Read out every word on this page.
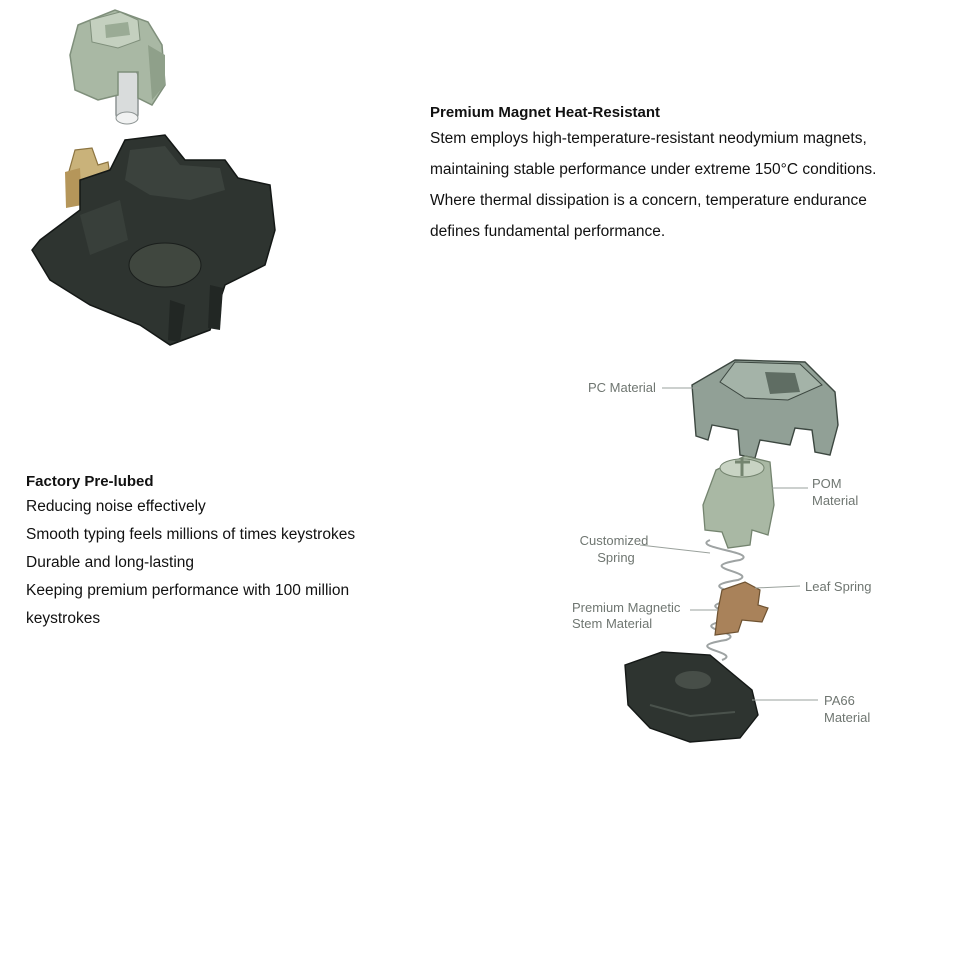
Premium Magnet Heat-Resistant

Stem employs high-temperature-resistant neodymium magnets,

maintaining stable performance under extreme 150°C conditions.

Where thermal dissipation is a concern, temperature endurance

defines fundamental performance.

Factory Pre-lubed

Reducing noise effectively

Smooth typing feels millions of times keystrokes

Durable and long-lasting

Keeping premium performance with 100 million

keystrokes

PC Material
POM
Material
Customized
Spring
Leaf Spring
Premium Magnetic
Stem Material
PA66
Material
